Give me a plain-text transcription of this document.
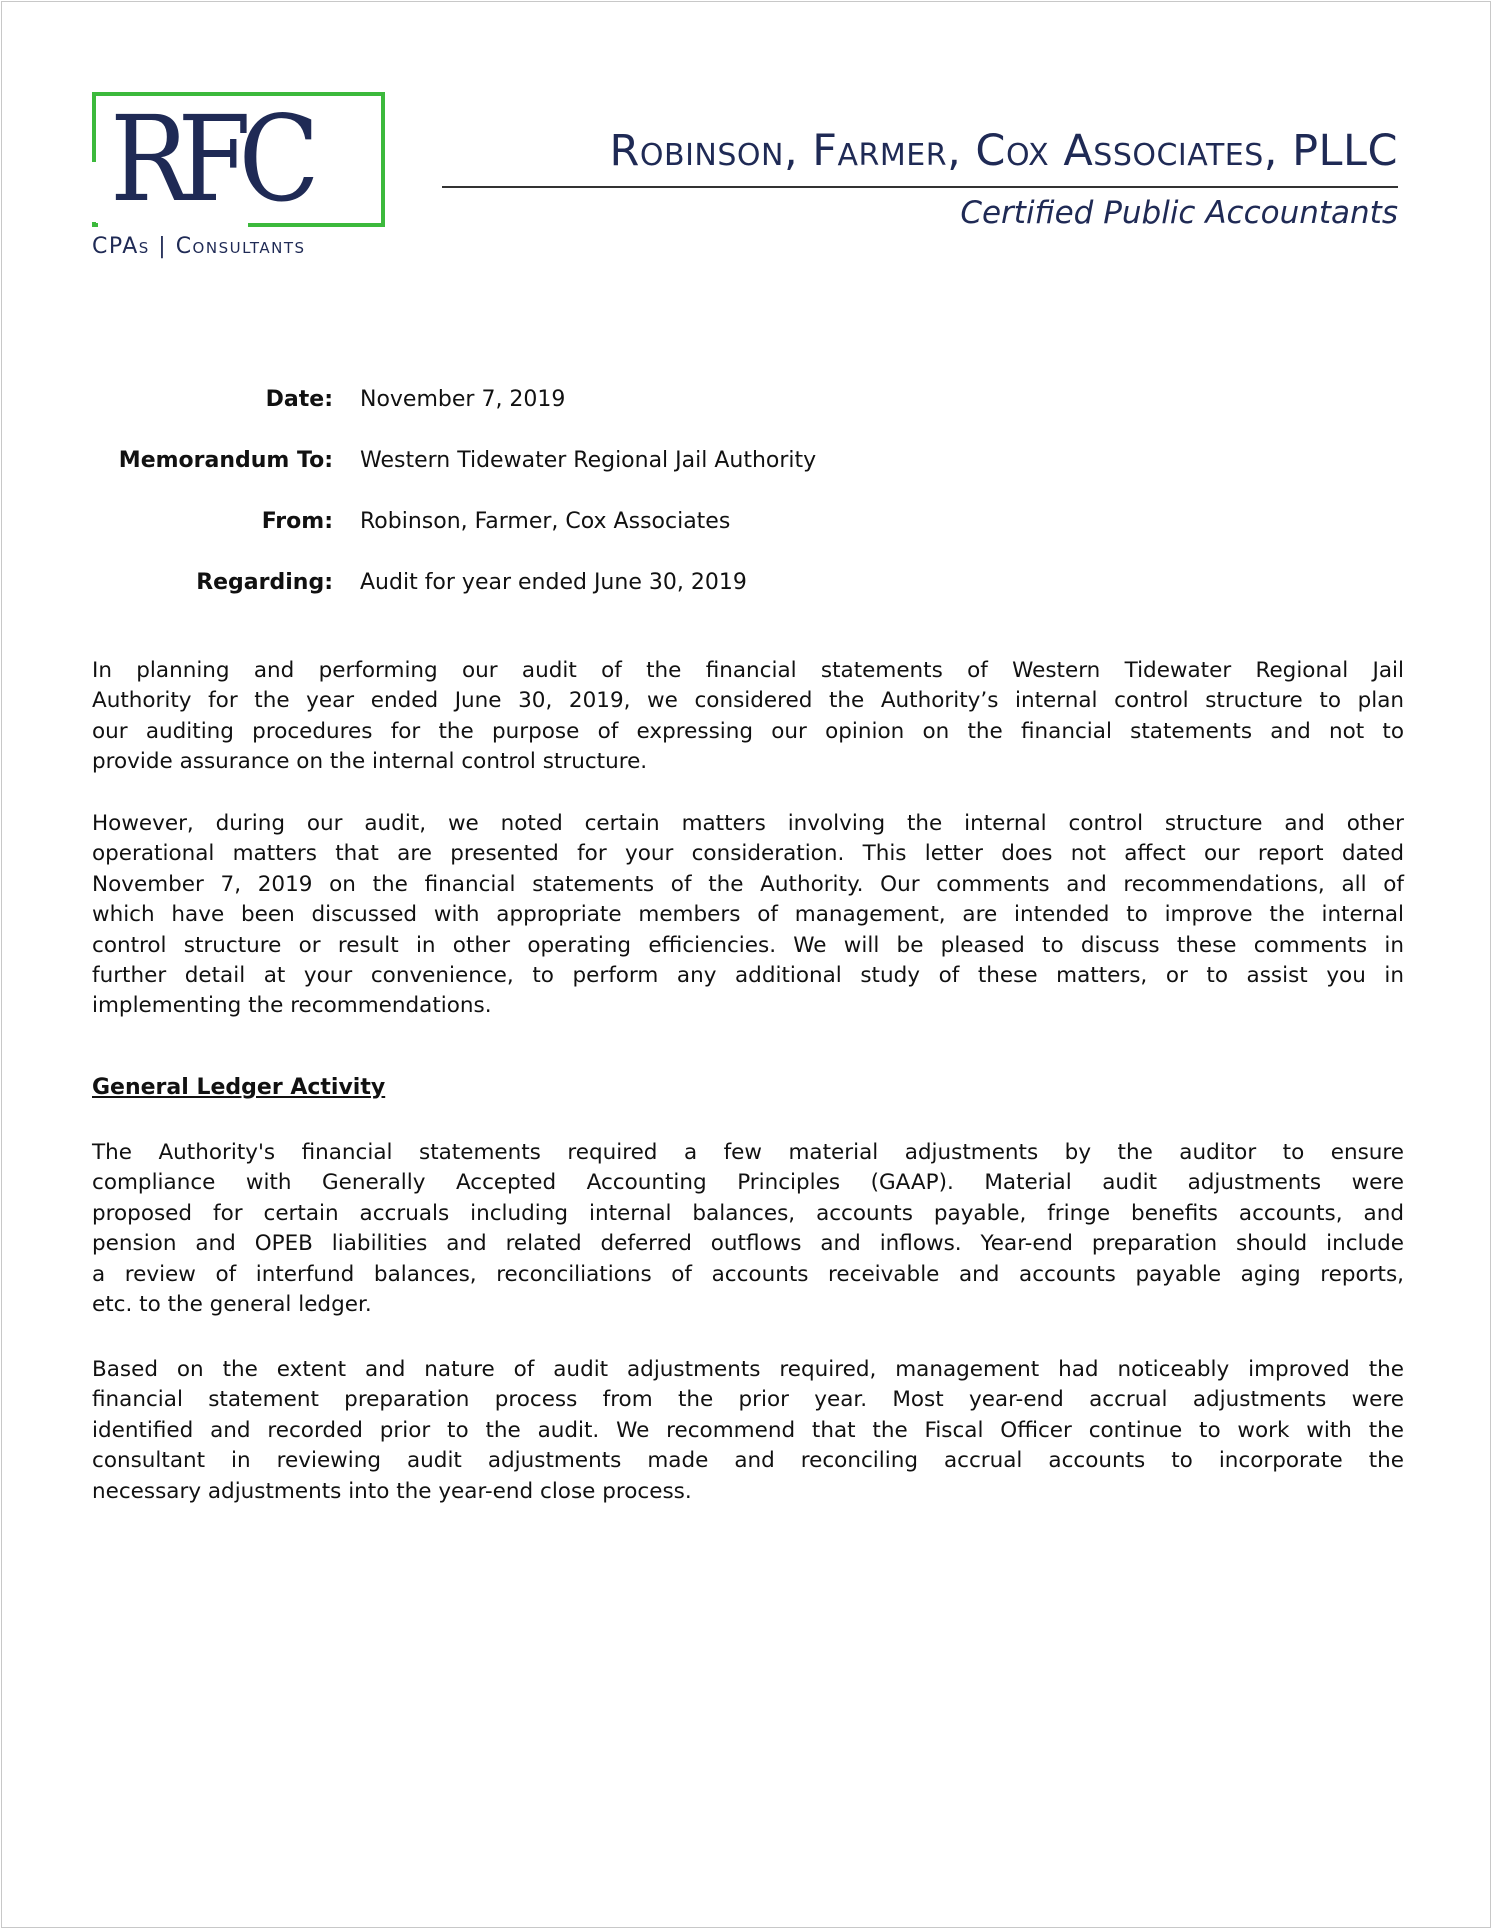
RFC
CPAs | Consultants
Robinson, Farmer, Cox Associates, PLLC
Certified Public Accountants
Date: November 7, 2019
Memorandum To: Western Tidewater Regional Jail Authority
From: Robinson, Farmer, Cox Associates
Regarding: Audit for year ended June 30, 2019
In planning and performing our audit of the financial statements of Western Tidewater Regional Jail
Authority for the year ended June 30, 2019, we considered the Authority’s internal control structure to plan
our auditing procedures for the purpose of expressing our opinion on the financial statements and not to
provide assurance on the internal control structure.
However, during our audit, we noted certain matters involving the internal control structure and other
operational matters that are presented for your consideration. This letter does not affect our report dated
November 7, 2019 on the financial statements of the Authority. Our comments and recommendations, all of
which have been discussed with appropriate members of management, are intended to improve the internal
control structure or result in other operating efficiencies. We will be pleased to discuss these comments in
further detail at your convenience, to perform any additional study of these matters, or to assist you in
implementing the recommendations.
General Ledger Activity
The Authority's financial statements required a few material adjustments by the auditor to ensure
compliance with Generally Accepted Accounting Principles (GAAP). Material audit adjustments were
proposed for certain accruals including internal balances, accounts payable, fringe benefits accounts, and
pension and OPEB liabilities and related deferred outflows and inflows. Year-end preparation should include
a review of interfund balances, reconciliations of accounts receivable and accounts payable aging reports,
etc. to the general ledger.
Based on the extent and nature of audit adjustments required, management had noticeably improved the
financial statement preparation process from the prior year. Most year-end accrual adjustments were
identified and recorded prior to the audit. We recommend that the Fiscal Officer continue to work with the
consultant in reviewing audit adjustments made and reconciling accrual accounts to incorporate the
necessary adjustments into the year-end close process.
